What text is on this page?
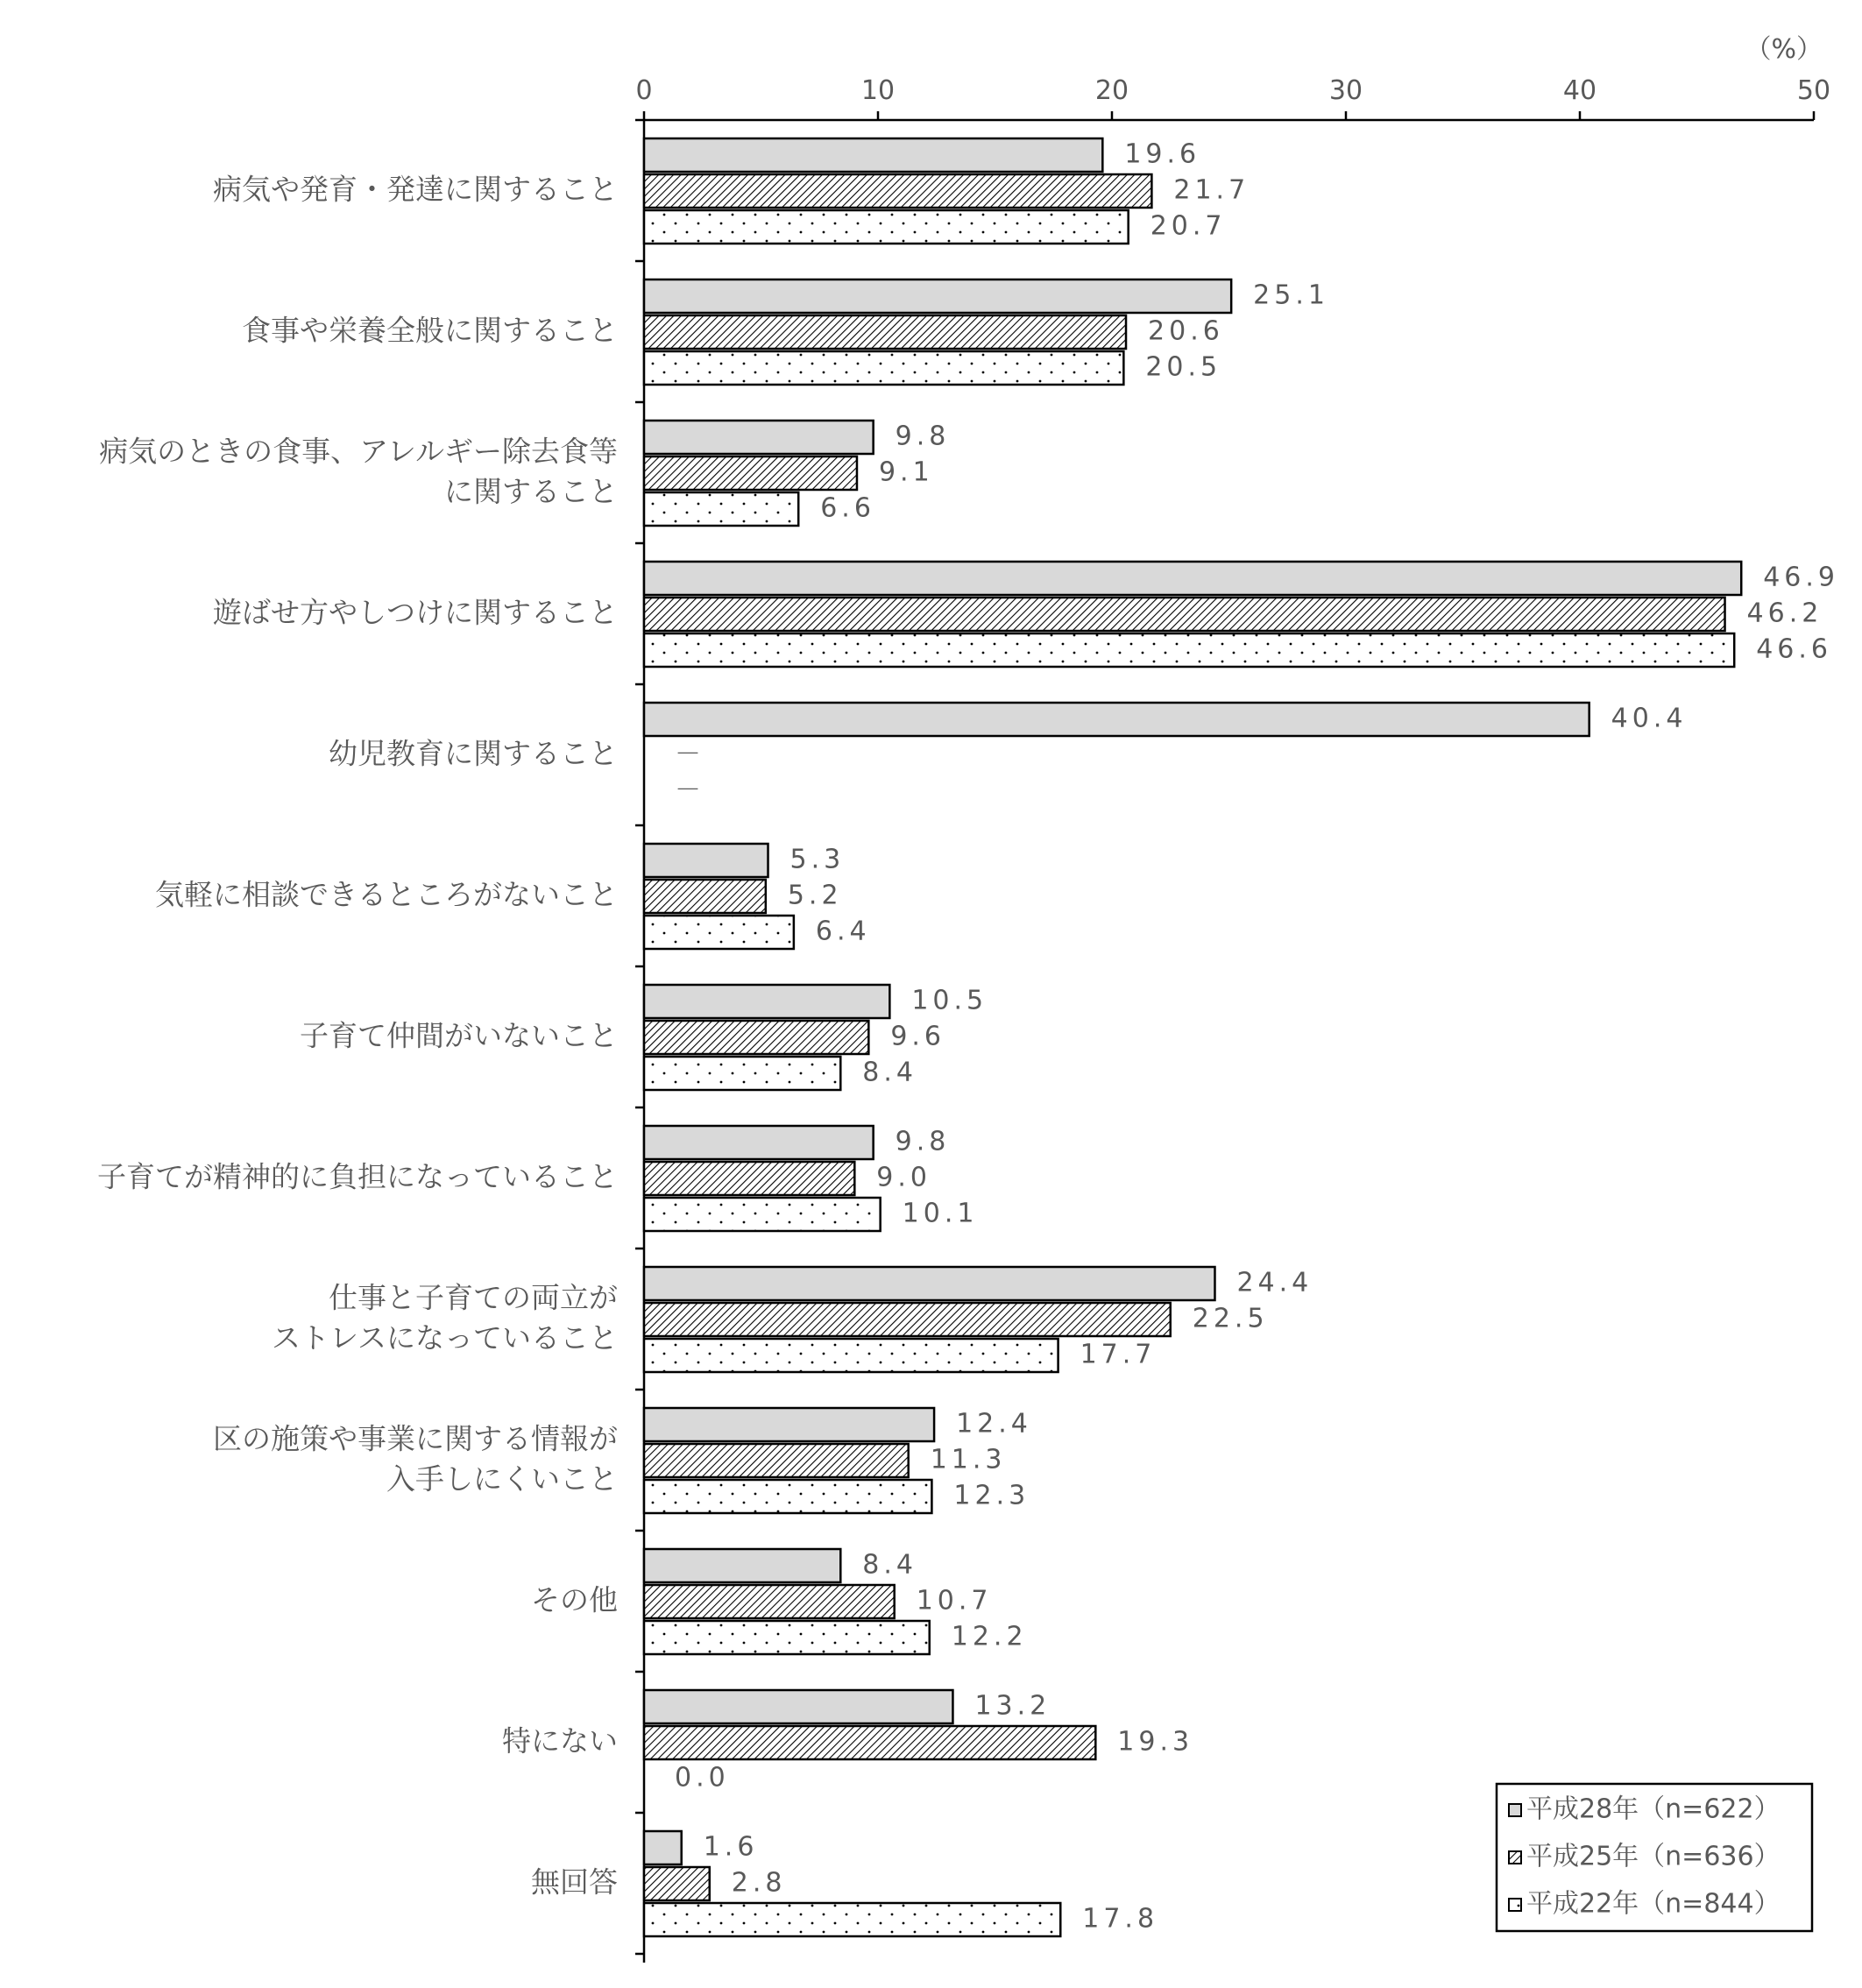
0	10	20	30	40	50
（%）
19.6
21.7
20.7
病気や発育・発達に関すること
25.1
20.6
20.5
食事や栄養全般に関すること
9.8
9.1
6.6
病気のときの食事、アレルギー除去食等
に関すること
46.9
46.2
46.6
遊ばせ方やしつけに関すること
40.4
－
－
幼児教育に関すること
5.3
5.2
6.4
気軽に相談できるところがないこと
10.5
9.6
8.4
子育て仲間がいないこと
9.8
9.0
10.1
子育てが精神的に負担になっていること
24.4
22.5
17.7
仕事と子育ての両立が
ストレスになっていること
12.4
11.3
12.3
区の施策や事業に関する情報が
入手しにくいこと
8.4
10.7
12.2
その他
13.2
19.3
0.0
特にない
1.6
2.8
17.8
無回答
平成28年（n=622）
平成25年（n=636）
平成22年（n=844）
